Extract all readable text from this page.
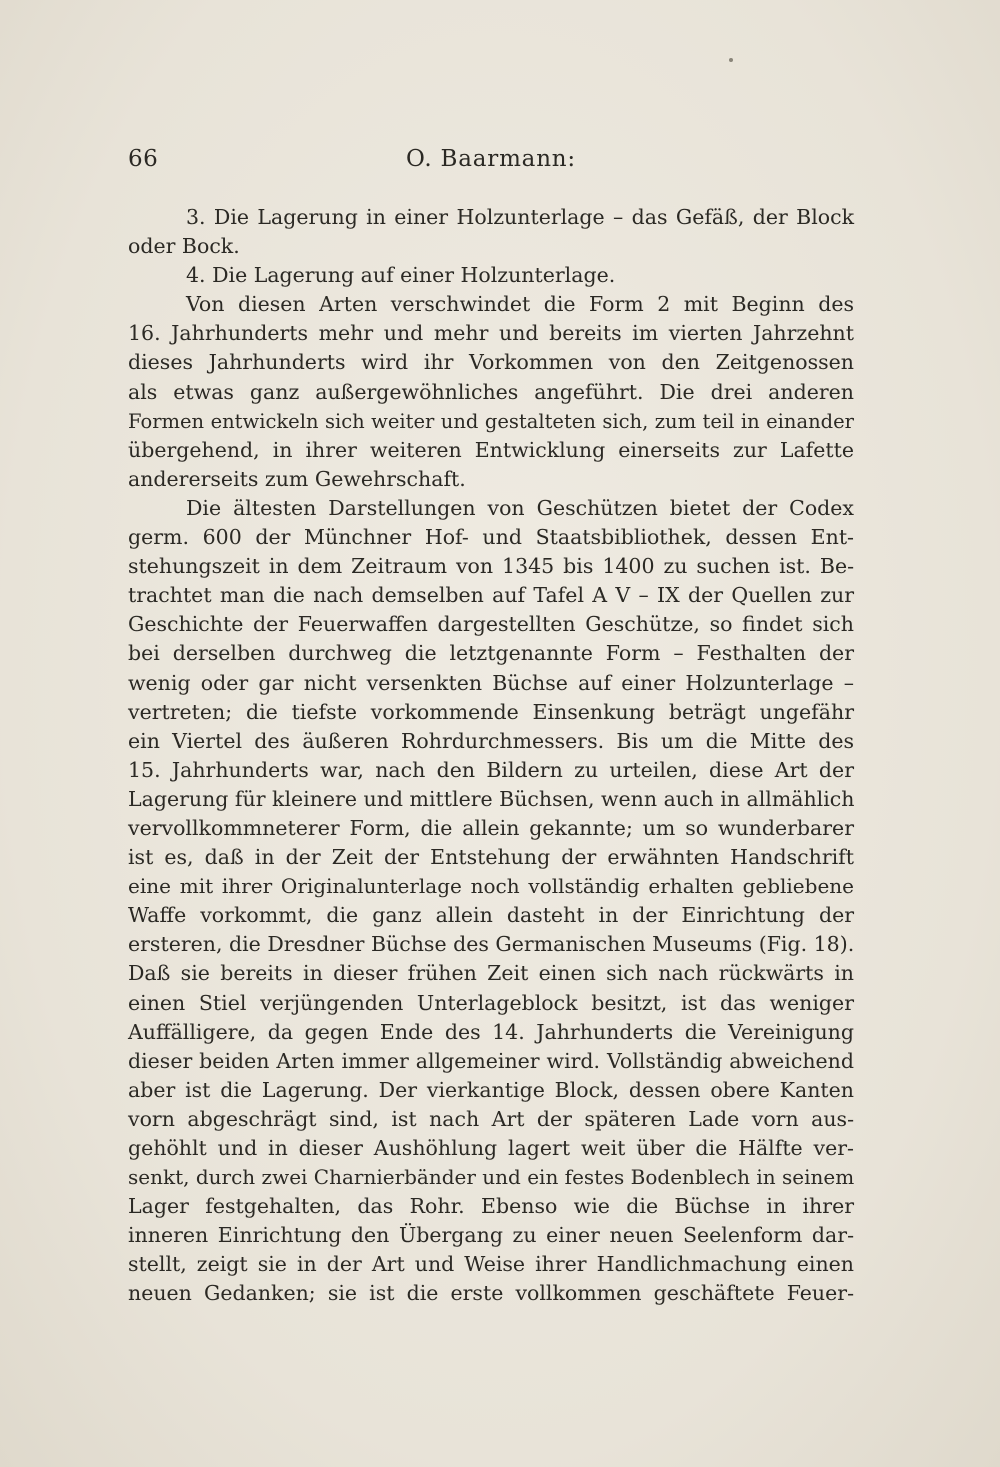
66	O. Baarmann:
3. Die Lagerung in einer Holzunterlage – das Gefäß, der Block
oder Bock.
4. Die Lagerung auf einer Holzunterlage.
Von diesen Arten verschwindet die Form 2 mit Beginn des
16. Jahrhunderts mehr und mehr und bereits im vierten Jahrzehnt
dieses Jahrhunderts wird ihr Vorkommen von den Zeitgenossen
als etwas ganz außergewöhnliches angeführt. Die drei anderen
Formen entwickeln sich weiter und gestalteten sich, zum teil in einander
übergehend, in ihrer weiteren Entwicklung einerseits zur Lafette
andererseits zum Gewehrschaft.
Die ältesten Darstellungen von Geschützen bietet der Codex
germ. 600 der Münchner Hof- und Staatsbibliothek, dessen Ent-
stehungszeit in dem Zeitraum von 1345 bis 1400 zu suchen ist. Be-
trachtet man die nach demselben auf Tafel A V – IX der Quellen zur
Geschichte der Feuerwaffen dargestellten Geschütze, so findet sich
bei derselben durchweg die letztgenannte Form – Festhalten der
wenig oder gar nicht versenkten Büchse auf einer Holzunterlage –
vertreten; die tiefste vorkommende Einsenkung beträgt ungefähr
ein Viertel des äußeren Rohrdurchmessers. Bis um die Mitte des
15. Jahrhunderts war, nach den Bildern zu urteilen, diese Art der
Lagerung für kleinere und mittlere Büchsen, wenn auch in allmählich
vervollkommneterer Form, die allein gekannte; um so wunderbarer
ist es, daß in der Zeit der Entstehung der erwähnten Handschrift
eine mit ihrer Originalunterlage noch vollständig erhalten gebliebene
Waffe vorkommt, die ganz allein dasteht in der Einrichtung der
ersteren, die Dresdner Büchse des Germanischen Museums (Fig. 18).
Daß sie bereits in dieser frühen Zeit einen sich nach rückwärts in
einen Stiel verjüngenden Unterlageblock besitzt, ist das weniger
Auffälligere, da gegen Ende des 14. Jahrhunderts die Vereinigung
dieser beiden Arten immer allgemeiner wird. Vollständig abweichend
aber ist die Lagerung. Der vierkantige Block, dessen obere Kanten
vorn abgeschrägt sind, ist nach Art der späteren Lade vorn aus-
gehöhlt und in dieser Aushöhlung lagert weit über die Hälfte ver-
senkt, durch zwei Charnierbänder und ein festes Bodenblech in seinem
Lager festgehalten, das Rohr. Ebenso wie die Büchse in ihrer
inneren Einrichtung den Übergang zu einer neuen Seelenform dar-
stellt, zeigt sie in der Art und Weise ihrer Handlichmachung einen
neuen Gedanken; sie ist die erste vollkommen geschäftete Feuer-
